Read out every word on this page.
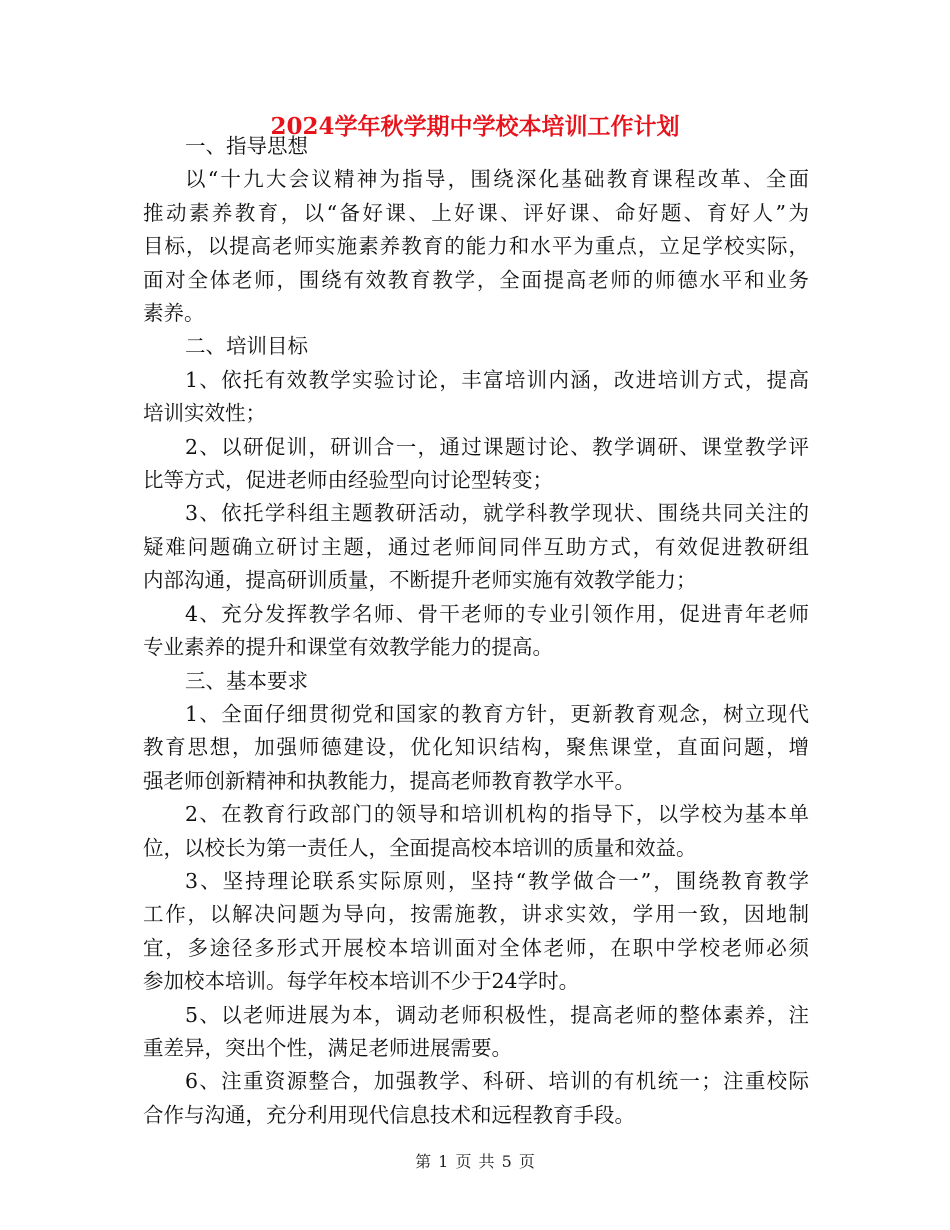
2024学年秋学期中学校本培训工作计划
一、指导思想
以“十九大会议精神为指导，围绕深化基础教育课程改革、全面
推动素养教育，以“备好课、上好课、评好课、命好题、育好人”为
目标，以提高老师实施素养教育的能力和水平为重点，立足学校实际，
面对全体老师，围绕有效教育教学，全面提高老师的师德水平和业务
素养。
二、培训目标
1、依托有效教学实验讨论，丰富培训内涵，改进培训方式，提高
培训实效性；
2、以研促训，研训合一，通过课题讨论、教学调研、课堂教学评
比等方式，促进老师由经验型向讨论型转变；
3、依托学科组主题教研活动，就学科教学现状、围绕共同关注的
疑难问题确立研讨主题，通过老师间同伴互助方式，有效促进教研组
内部沟通，提高研训质量，不断提升老师实施有效教学能力；
4、充分发挥教学名师、骨干老师的专业引领作用，促进青年老师
专业素养的提升和课堂有效教学能力的提高。
三、基本要求
1、全面仔细贯彻党和国家的教育方针，更新教育观念，树立现代
教育思想，加强师德建设，优化知识结构，聚焦课堂，直面问题，增
强老师创新精神和执教能力，提高老师教育教学水平。
2、在教育行政部门的领导和培训机构的指导下，以学校为基本单
位，以校长为第一责任人，全面提高校本培训的质量和效益。
3、坚持理论联系实际原则，坚持“教学做合一”，围绕教育教学
工作，以解决问题为导向，按需施教，讲求实效，学用一致，因地制
宜，多途径多形式开展校本培训面对全体老师，在职中学校老师必须
参加校本培训。每学年校本培训不少于24学时。
5、以老师进展为本，调动老师积极性，提高老师的整体素养，注
重差异，突出个性，满足老师进展需要。
6、注重资源整合，加强教学、科研、培训的有机统一；注重校际
合作与沟通，充分利用现代信息技术和远程教育手段。
第 1 页 共 5 页
